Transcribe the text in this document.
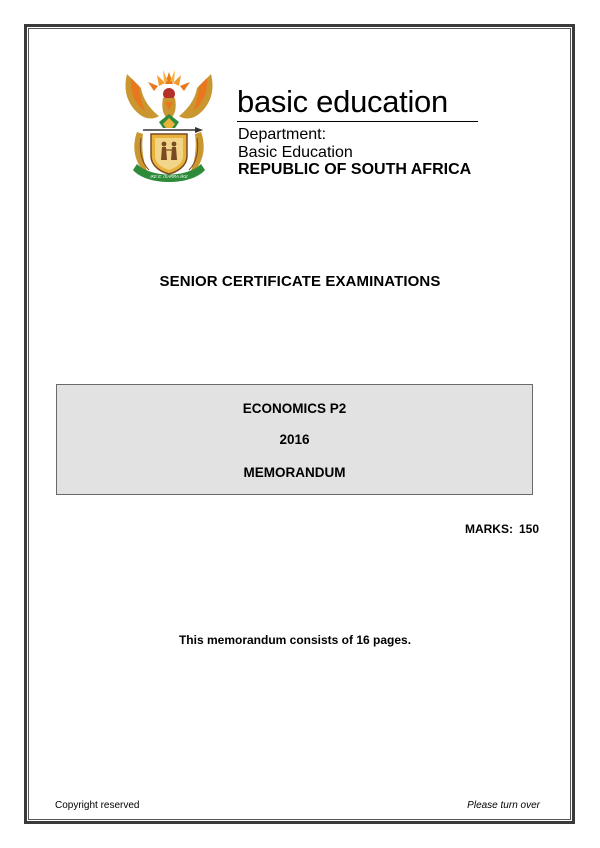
!KE E: /XARRA //KE
basic education
Department:
Basic Education
REPUBLIC OF SOUTH AFRICA
SENIOR CERTIFICATE EXAMINATIONS
ECONOMICS P2
2016
MEMORANDUM
MARKS: 150
This memorandum consists of 16 pages.
Copyright reserved	Please turn over
